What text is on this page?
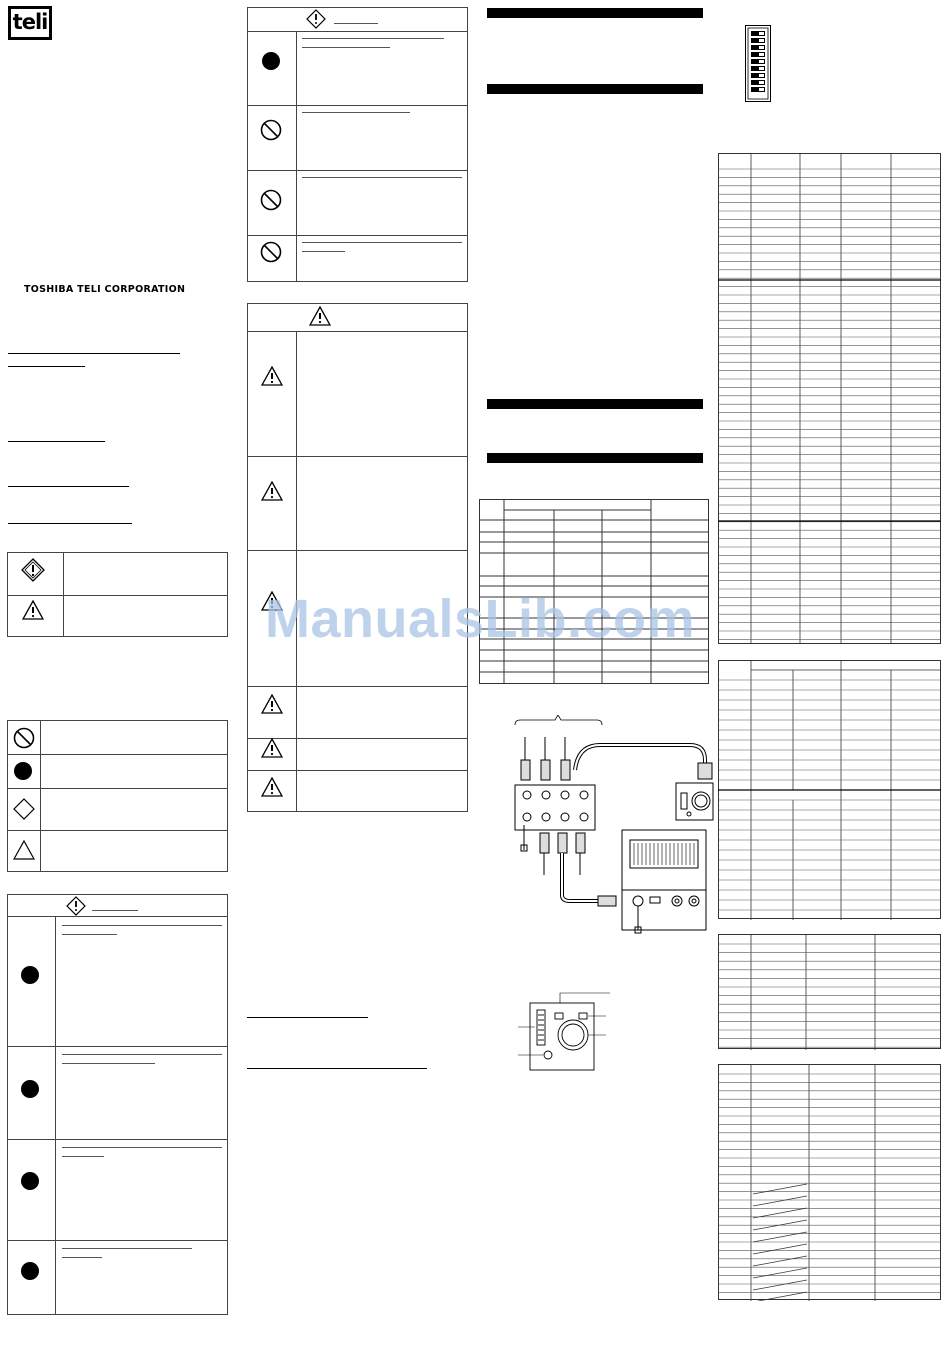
teli
TOSHIBA TELI CORPORATION
ManualsLib.com
